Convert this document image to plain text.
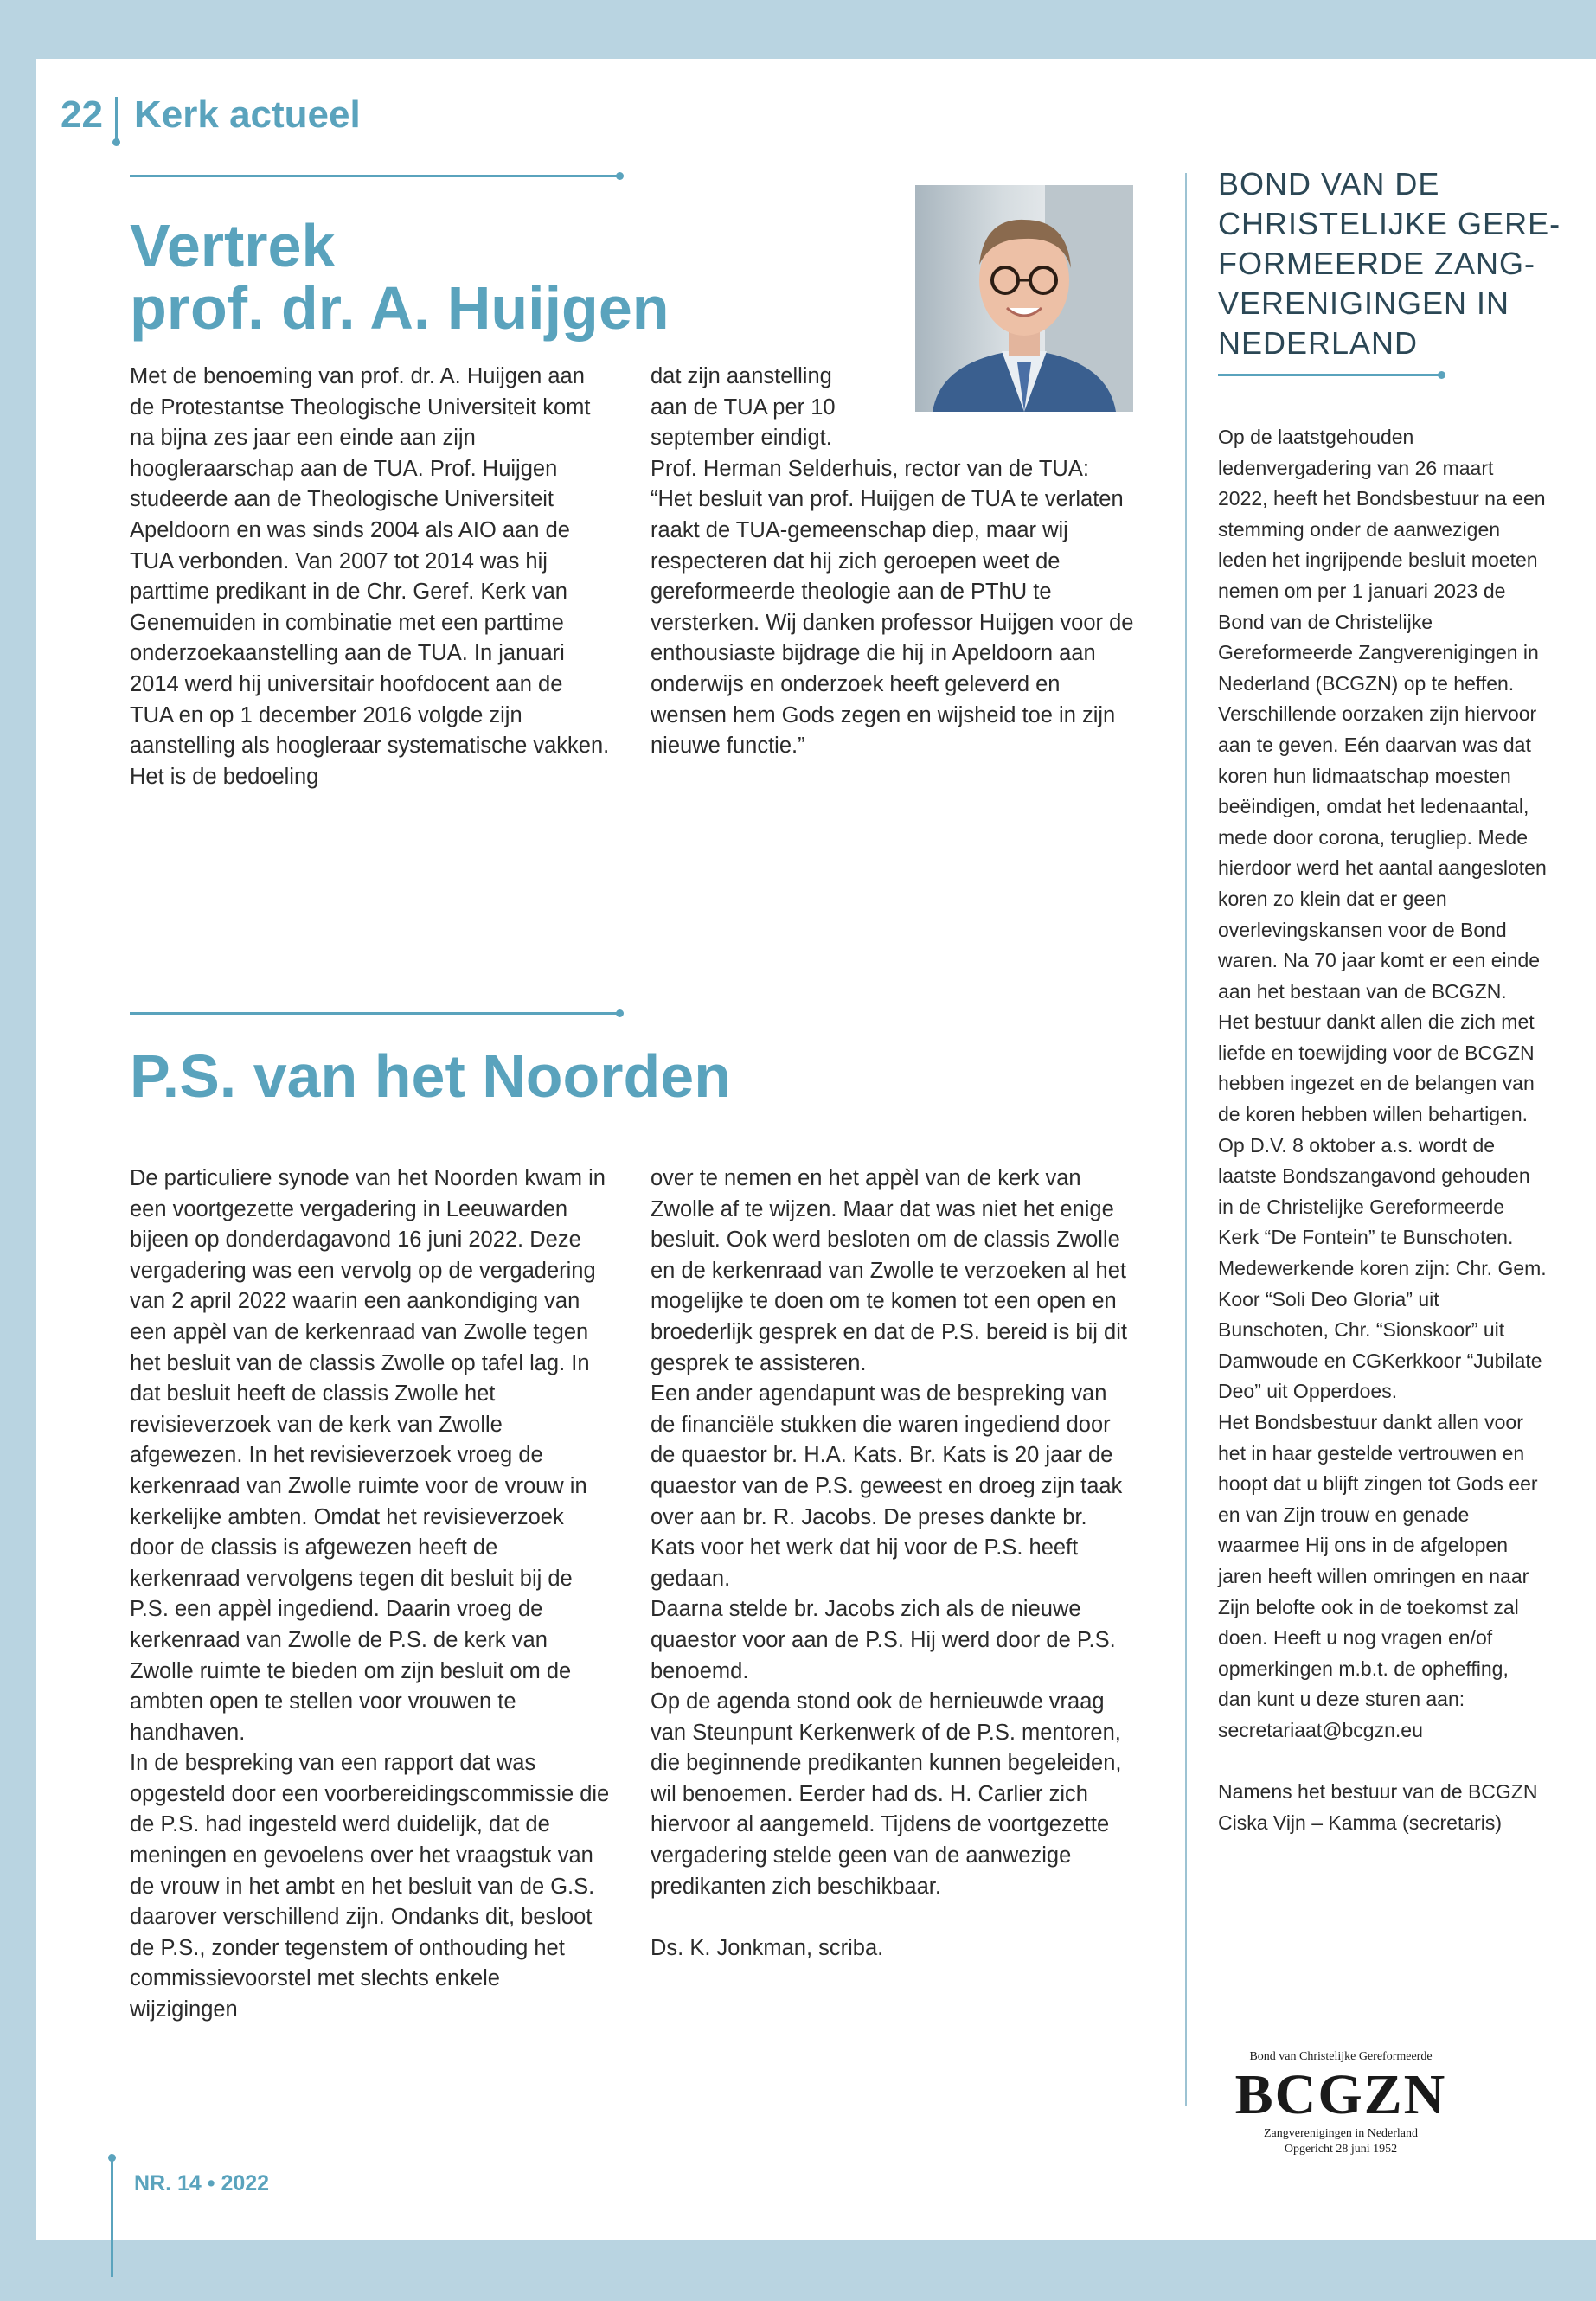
22 Kerk actueel
Vertrek
prof. dr. A. Huijgen

Met de benoeming van prof. dr. A. Huijgen aan de Protestantse Theologische Universiteit komt na bijna zes jaar een einde aan zijn hoogleraarschap aan de TUA. Prof. Huijgen studeerde aan de Theologische Universiteit Apeldoorn en was sinds 2004 als AIO aan de TUA verbonden. Van 2007 tot 2014 was hij parttime predikant in de Chr. Geref. Kerk van Genemuiden in combinatie met een parttime onderzoekaanstelling aan de TUA. In januari 2014 werd hij universitair hoofdocent aan de TUA en op 1 december 2016 volgde zijn aanstelling als hoogleraar systematische vakken. Het is de bedoeling

dat zijn aanstelling aan de TUA per 10 september eindigt.

Prof. Herman Selderhuis, rector van de TUA: “Het besluit van prof. Huijgen de TUA te verlaten raakt de TUA-gemeenschap diep, maar wij respecteren dat hij zich geroepen weet de gereformeerde theologie aan de PThU te versterken. Wij danken professor Huijgen voor de enthousiaste bijdrage die hij in Apeldoorn aan onderwijs en onderzoek heeft geleverd en wensen hem Gods zegen en wijsheid toe in zijn nieuwe functie.”

P.S. van het Noorden

De particuliere synode van het Noorden kwam in een voortgezette vergadering in Leeuwarden bijeen op donderdagavond 16 juni 2022. Deze vergadering was een vervolg op de vergadering van 2 april 2022 waarin een aankondiging van een appèl van de kerkenraad van Zwolle tegen het besluit van de classis Zwolle op tafel lag. In dat besluit heeft de classis Zwolle het revisieverzoek van de kerk van Zwolle afgewezen. In het revisieverzoek vroeg de kerkenraad van Zwolle ruimte voor de vrouw in kerkelijke ambten. Omdat het revisieverzoek door de classis is afgewezen heeft de kerkenraad vervolgens tegen dit besluit bij de P.S. een appèl ingediend. Daarin vroeg de kerkenraad van Zwolle de P.S. de kerk van Zwolle ruimte te bieden om zijn besluit om de ambten open te stellen voor vrouwen te handhaven.

In de bespreking van een rapport dat was opgesteld door een voorbereidingscommissie die de P.S. had ingesteld werd duidelijk, dat de meningen en gevoelens over het vraagstuk van de vrouw in het ambt en het besluit van de G.S. daarover verschillend zijn. Ondanks dit, besloot de P.S., zonder tegenstem of onthouding het commissievoorstel met slechts enkele wijzigingen

over te nemen en het appèl van de kerk van Zwolle af te wijzen. Maar dat was niet het enige besluit. Ook werd besloten om de classis Zwolle en de kerkenraad van Zwolle te verzoeken al het mogelijke te doen om te komen tot een open en broederlijk gesprek en dat de P.S. bereid is bij dit gesprek te assisteren.

Een ander agendapunt was de bespreking van de financiële stukken die waren ingediend door de quaestor br. H.A. Kats. Br. Kats is 20 jaar de quaestor van de P.S. geweest en droeg zijn taak over aan br. R. Jacobs. De preses dankte br. Kats voor het werk dat hij voor de P.S. heeft gedaan.

Daarna stelde br. Jacobs zich als de nieuwe quaestor voor aan de P.S. Hij werd door de P.S. benoemd.

Op de agenda stond ook de hernieuwde vraag van Steunpunt Kerkenwerk of de P.S. mentoren, die beginnende predikanten kunnen begeleiden, wil benoemen. Eerder had ds. H. Carlier zich hiervoor al aangemeld. Tijdens de voortgezette vergadering stelde geen van de aanwezige predikanten zich beschikbaar.

Ds. K. Jonkman, scriba.

BOND VAN DE CHRISTELIJKE GERE-FORMEERDE ZANG-VERENIGINGEN IN NEDERLAND

Op de laatstgehouden ledenvergadering van 26 maart 2022, heeft het Bondsbestuur na een stemming onder de aanwezigen leden het ingrijpende besluit moeten nemen om per 1 januari 2023 de Bond van de Christelijke Gereformeerde Zangverenigingen in Nederland (BCGZN) op te heffen.

Verschillende oorzaken zijn hiervoor aan te geven. Eén daarvan was dat koren hun lidmaatschap moesten beëindigen, omdat het ledenaantal, mede door corona, terugliep. Mede hierdoor werd het aantal aangesloten koren zo klein dat er geen overlevingskansen voor de Bond waren. Na 70 jaar komt er een einde aan het bestaan van de BCGZN.

Het bestuur dankt allen die zich met liefde en toewijding voor de BCGZN hebben ingezet en de belangen van de koren hebben willen behartigen.

Op D.V. 8 oktober a.s. wordt de laatste Bondszangavond gehouden in de Christelijke Gereformeerde Kerk “De Fontein” te Bunschoten. Medewerkende koren zijn: Chr. Gem. Koor “Soli Deo Gloria” uit Bunschoten, Chr. “Sionskoor” uit Damwoude en CGKerkkoor “Jubilate Deo” uit Opperdoes.

Het Bondsbestuur dankt allen voor het in haar gestelde vertrouwen en hoopt dat u blijft zingen tot Gods eer en van Zijn trouw en genade waarmee Hij ons in de afgelopen jaren heeft willen omringen en naar Zijn belofte ook in de toekomst zal doen. Heeft u nog vragen en/of opmerkingen m.b.t. de opheffing, dan kunt u deze sturen aan: secretariaat@bcgzn.eu

Namens het bestuur van de BCGZN

Ciska Vijn – Kamma (secretaris)

Bond van Christelijke Gereformeerde
BCGZN
Zangverenigingen in Nederland
Opgericht 28 juni 1952
NR. 14 • 2022
